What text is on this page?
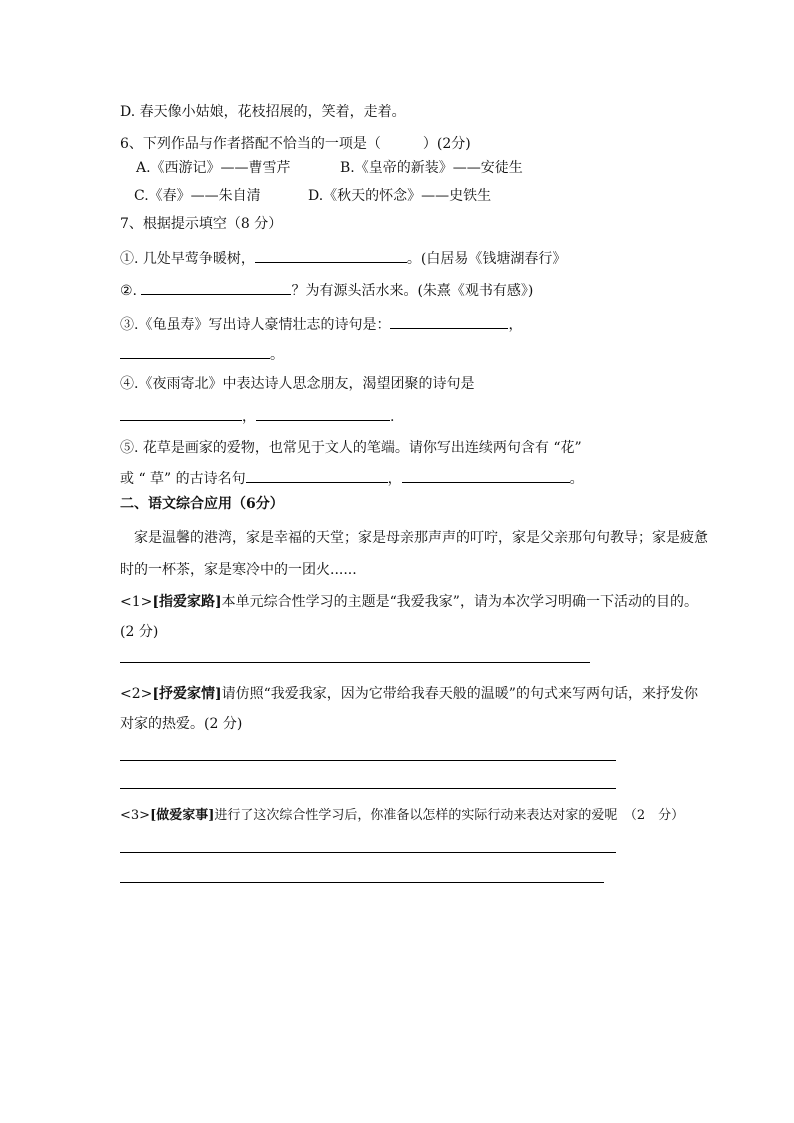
D. 春天像小姑娘，花枝招展的，笑着，走着。
6、下列作品与作者搭配不恰当的一项是（　　　）(2分)
A.《西游记》——曹雪芹	B.《皇帝的新装》——安徒生
C.《春》——朱自清	D.《秋天的怀念》——史铁生
7、根据提示填空（8 分）
①. 几处早莺争暖树，	。(白居易《钱塘湖春行》
②.	？为有源头活水来。(朱熹《观书有感》)
③.《龟虽寿》写出诗人豪情壮志的诗句是：	，
。
④.《夜雨寄北》中表达诗人思念朋友，渴望团聚的诗句是
，	.
⑤. 花草是画家的爱物，也常见于文人的笔端。请你写出连续两句含有 “花”
或 “ 草” 的古诗名句	，	。
二、语文综合应用（6分）
家是温馨的港湾，家是幸福的天堂；家是母亲那声声的叮咛，家是父亲那句句教导；家是疲惫
时的一杯茶，家是寒冷中的一团火......
<1>[指爱家路]本单元综合性学习的主题是“我爱我家”，请为本次学习明确一下活动的目的。
(2 分)
<2>[抒爱家情]请仿照“我爱我家，因为它带给我春天般的温暖”的句式来写两句话，来抒发你
对家的热爱。(2 分)
<3>[做爱家事]进行了这次综合性学习后，你准备以怎样的实际行动来表达对家的爱呢　（2　分）
